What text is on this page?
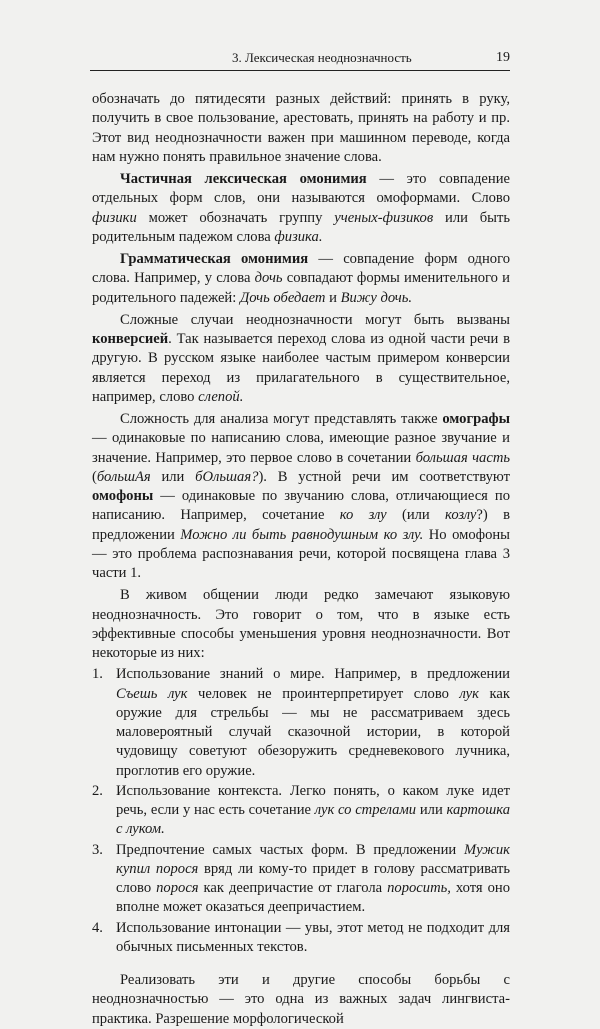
3. Лексическая неоднозначность	19

обозначать до пятидесяти разных действий: принять в руку, получить в свое пользование, арестовать, принять на работу и пр. Этот вид неоднозначности важен при машинном переводе, когда нам нужно понять правильное значение слова.

Частичная лексическая омонимия — это совпадение отдельных форм слов, они называются омоформами. Слово физики может обозначать группу ученых-физиков или быть родительным падежом слова физика.

Грамматическая омонимия — совпадение форм одного слова. Например, у слова дочь совпадают формы именительного и родительного падежей: Дочь обедает и Вижу дочь.

Сложные случаи неоднозначности могут быть вызваны конверсией. Так называется переход слова из одной части речи в другую. В русском языке наиболее частым примером конверсии является переход из прилагательного в существительное, например, слово слепой.

Сложность для анализа могут представлять также омографы — одинаковые по написанию слова, имеющие разное звучание и значение. Например, это первое слово в сочетании большая часть (большАя или бОльшая?). В устной речи им соответствуют омофоны — одинаковые по звучанию слова, отличающиеся по написанию. Например, сочетание ко злу (или козлу?) в предложении Можно ли быть равнодушным ко злу. Но омофоны — это проблема распознавания речи, которой посвящена глава 3 части 1.

В живом общении люди редко замечают языковую неоднозначность. Это говорит о том, что в языке есть эффективные способы уменьшения уровня неоднозначности. Вот некоторые из них:

1. Использование знаний о мире. Например, в предложении Съешь лук человек не проинтерпретирует слово лук как оружие для стрельбы — мы не рассматриваем здесь маловероятный случай сказочной истории, в которой чудовищу советуют обезоружить средневекового лучника, проглотив его оружие.
2. Использование контекста. Легко понять, о каком луке идет речь, если у нас есть сочетание лук со стрелами или картошка с луком.
3. Предпочтение самых частых форм. В предложении Мужик купил порося вряд ли кому-то придет в голову рассматривать слово порося как деепричастие от глагола поросить, хотя оно вполне может оказаться деепричастием.
4. Использование интонации — увы, этот метод не подходит для обычных письменных текстов.

Реализовать эти и другие способы борьбы с неоднозначностью — это одна из важных задач лингвиста-практика. Разрешение морфологической
